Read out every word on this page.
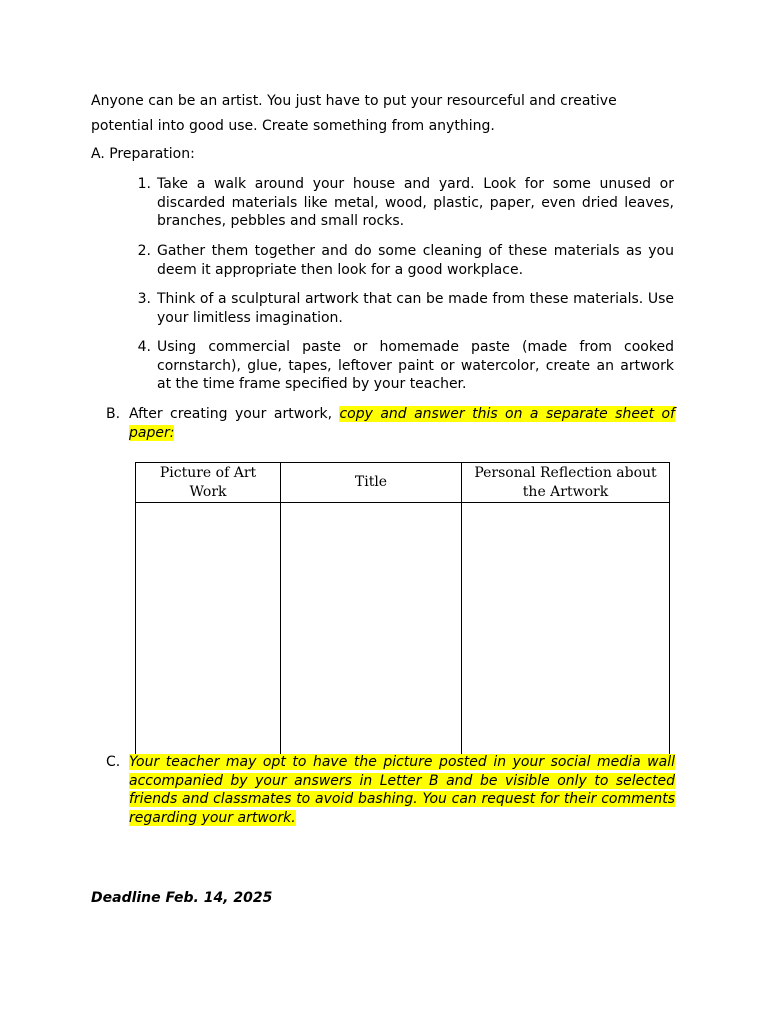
Anyone can be an artist. You just have to put your resourceful and creative potential into good use. Create something from anything.

A. Preparation:

1. Take a walk around your house and yard. Look for some unused or discarded materials like metal, wood, plastic, paper, even dried leaves, branches, pebbles and small rocks.
2. Gather them together and do some cleaning of these materials as you deem it appropriate then look for a good workplace.
3. Think of a sculptural artwork that can be made from these materials. Use your limitless imagination.
4. Using commercial paste or homemade paste (made from cooked cornstarch), glue, tapes, leftover paint or watercolor, create an artwork at the time frame specified by your teacher.
B. After creating your artwork, copy and answer this on a separate sheet of paper:
Picture of Art Work	Title	Personal Reflection about the Artwork

C. Your teacher may opt to have the picture posted in your social media wall accompanied by your answers in Letter B and be visible only to selected friends and classmates to avoid bashing. You can request for their comments regarding your artwork.

Deadline Feb. 14, 2025
